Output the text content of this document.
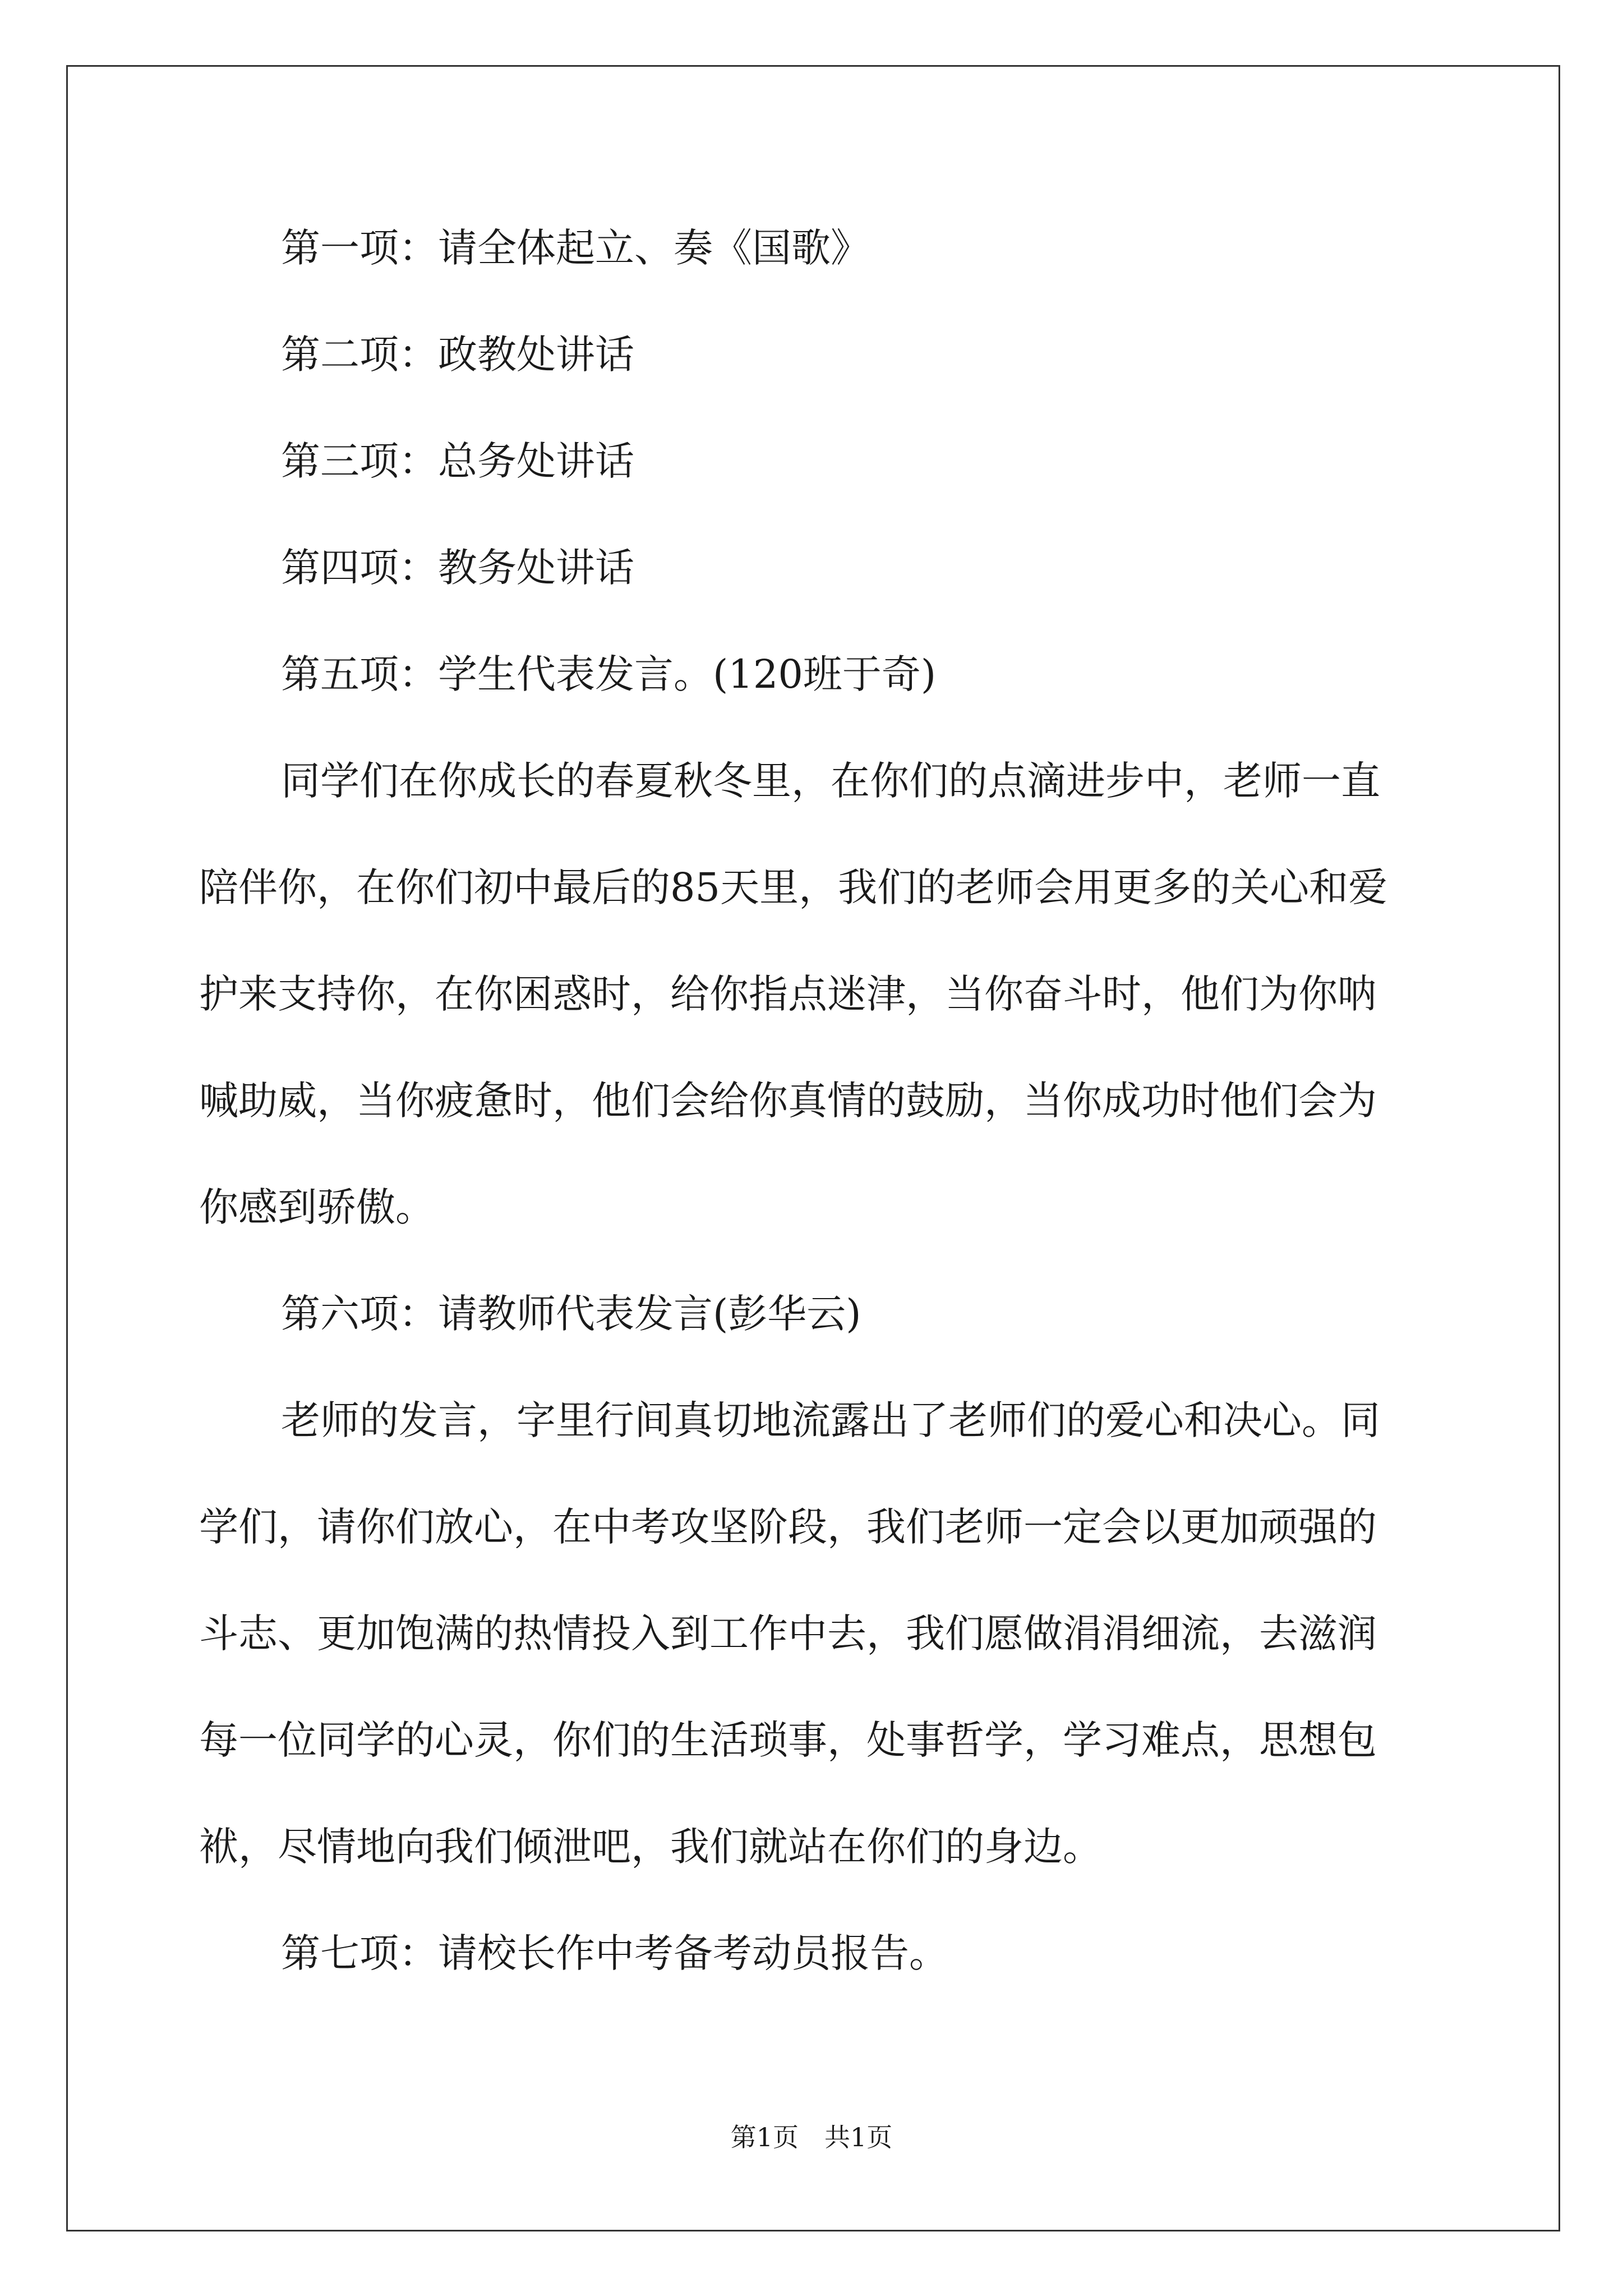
第一项：请全体起立、奏《国歌》

第二项：政教处讲话

第三项：总务处讲话

第四项：教务处讲话

第五项：学生代表发言。(120班于奇)

同学们在你成长的春夏秋冬里，在你们的点滴进步中，老师一直
陪伴你，在你们初中最后的85天里，我们的老师会用更多的关心和爱
护来支持你，在你困惑时，给你指点迷津，当你奋斗时，他们为你呐
喊助威，当你疲惫时，他们会给你真情的鼓励，当你成功时他们会为
你感到骄傲。

第六项：请教师代表发言(彭华云)

老师的发言，字里行间真切地流露出了老师们的爱心和决心。同
学们，请你们放心，在中考攻坚阶段，我们老师一定会以更加顽强的
斗志、更加饱满的热情投入到工作中去，我们愿做涓涓细流，去滋润
每一位同学的心灵，你们的生活琐事，处事哲学，学习难点，思想包
袱，尽情地向我们倾泄吧，我们就站在你们的身边。

第七项：请校长作中考备考动员报告。

第1页　共1页
